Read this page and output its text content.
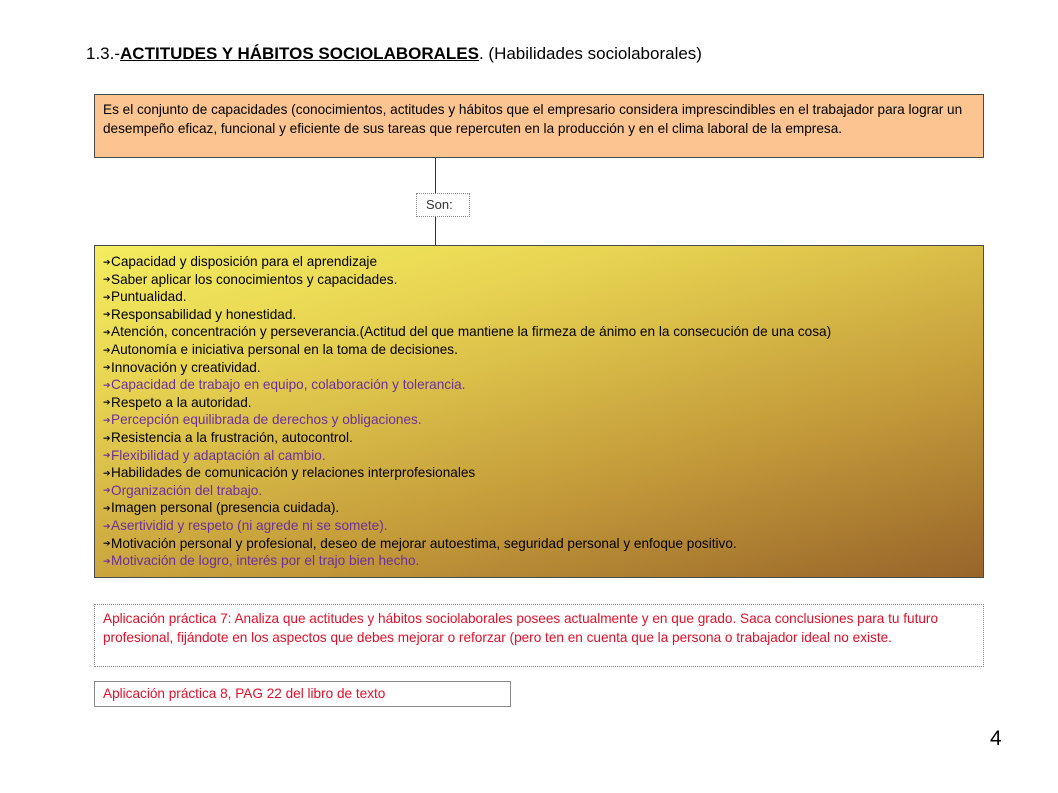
1.3.-ACTITUDES Y HÁBITOS SOCIOLABORALES. (Habilidades sociolaborales)
Es el conjunto de capacidades (conocimientos, actitudes y hábitos que el empresario considera imprescindibles en el trabajador para lograr un desempeño eficaz, funcional y eficiente de sus tareas que repercuten en la producción y en el clima laboral de la empresa.
Son:
➔Capacidad y disposición para el aprendizaje
➔Saber aplicar los conocimientos y capacidades.
➔Puntualidad.
➔Responsabilidad y honestidad.
➔Atención, concentración y perseverancia.(Actitud del que mantiene la firmeza de ánimo en la consecución de una cosa)
➔Autonomía e iniciativa personal en la toma de decisiones.
➔Innovación y creatividad.
➔Capacidad de trabajo en equipo, colaboración y tolerancia.
➔Respeto a la autoridad.
➔Percepción equilibrada de derechos y obligaciones.
➔Resistencia a la frustración, autocontrol.
➔Flexibilidad y adaptación al cambio.
➔Habilidades de comunicación y relaciones interprofesionales
➔Organización del trabajo.
➔Imagen personal (presencia cuidada).
➔Asertividid y respeto (ni agrede ni se somete).
➔Motivación personal y profesional, deseo de mejorar autoestima, seguridad personal y enfoque positivo.
➔Motivación de logro, interés por el trajo bien hecho.
Aplicación práctica 7: Analiza que actitudes y hábitos sociolaborales posees actualmente y en que grado. Saca conclusiones para tu futuro profesional, fijándote en los aspectos que debes mejorar o reforzar (pero ten en cuenta que la persona o trabajador ideal no existe.
Aplicación práctica 8, PAG 22 del libro de texto
4
